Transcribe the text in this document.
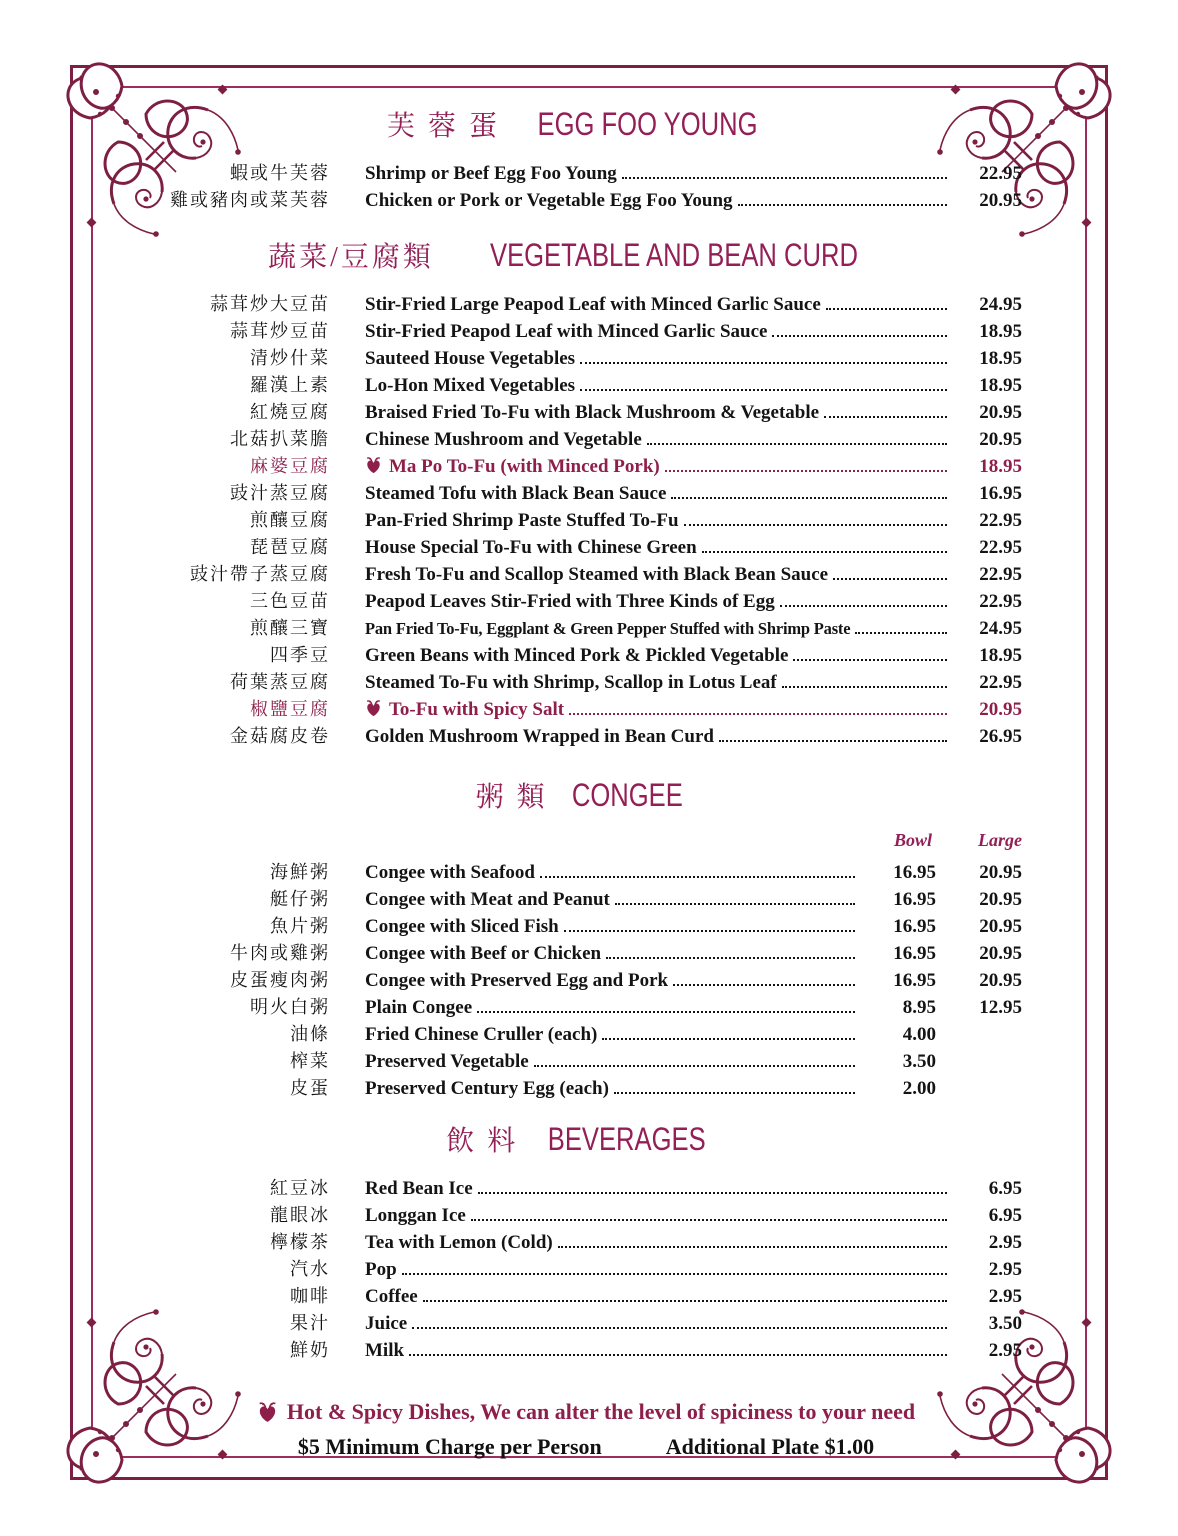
芙 蓉 蛋 EGG FOO YOUNG
蝦或牛芙蓉 Shrimp or Beef Egg Foo Young	22.95
雞或豬肉或菜芙蓉 Chicken or Pork or Vegetable Egg Foo Young	20.95
蔬菜/豆腐類 VEGETABLE AND BEAN CURD
蒜茸炒大豆苗 Stir-Fried Large Peapod Leaf with Minced Garlic Sauce	24.95
蒜茸炒豆苗 Stir-Fried Peapod Leaf with Minced Garlic Sauce	18.95
清炒什菜 Sauteed House Vegetables	18.95
羅漢上素 Lo-Hon Mixed Vegetables	18.95
紅燒豆腐 Braised Fried To-Fu with Black Mushroom & Vegetable	20.95
北菇扒菜膽 Chinese Mushroom and Vegetable	20.95
麻婆豆腐	Ma Po To-Fu (with Minced Pork)	18.95
豉汁蒸豆腐 Steamed Tofu with Black Bean Sauce	16.95
煎釀豆腐 Pan-Fried Shrimp Paste Stuffed To-Fu	22.95
琵琶豆腐 House Special To-Fu with Chinese Green	22.95
豉汁帶子蒸豆腐 Fresh To-Fu and Scallop Steamed with Black Bean Sauce	22.95
三色豆苗 Peapod Leaves Stir-Fried with Three Kinds of Egg	22.95
煎釀三寶 Pan Fried To-Fu, Eggplant & Green Pepper Stuffed with Shrimp Paste	24.95
四季豆 Green Beans with Minced Pork & Pickled Vegetable	18.95
荷葉蒸豆腐 Steamed To-Fu with Shrimp, Scallop in Lotus Leaf	22.95
椒鹽豆腐	To-Fu with Spicy Salt	20.95
金菇腐皮卷 Golden Mushroom Wrapped in Bean Curd	26.95
粥 類 CONGEE
Bowl	Large
海鮮粥 Congee with Seafood	16.95	20.95
艇仔粥 Congee with Meat and Peanut	16.95	20.95
魚片粥 Congee with Sliced Fish	16.95	20.95
牛肉或雞粥 Congee with Beef or Chicken	16.95	20.95
皮蛋瘦肉粥 Congee with Preserved Egg and Pork	16.95	20.95
明火白粥 Plain Congee	8.95	12.95
油條 Fried Chinese Cruller (each)	4.00
榨菜 Preserved Vegetable	3.50
皮蛋 Preserved Century Egg (each)	2.00
飲 料 BEVERAGES
紅豆冰 Red Bean Ice	6.95
龍眼冰 Longgan Ice	6.95
檸檬茶 Tea with Lemon (Cold)	2.95
汽水 Pop	2.95
咖啡 Coffee	2.95
果汁 Juice	3.50
鮮奶 Milk	2.95
Hot & Spicy Dishes, We can alter the level of spiciness to your need
$5 Minimum Charge per Person	Additional Plate $1.00
